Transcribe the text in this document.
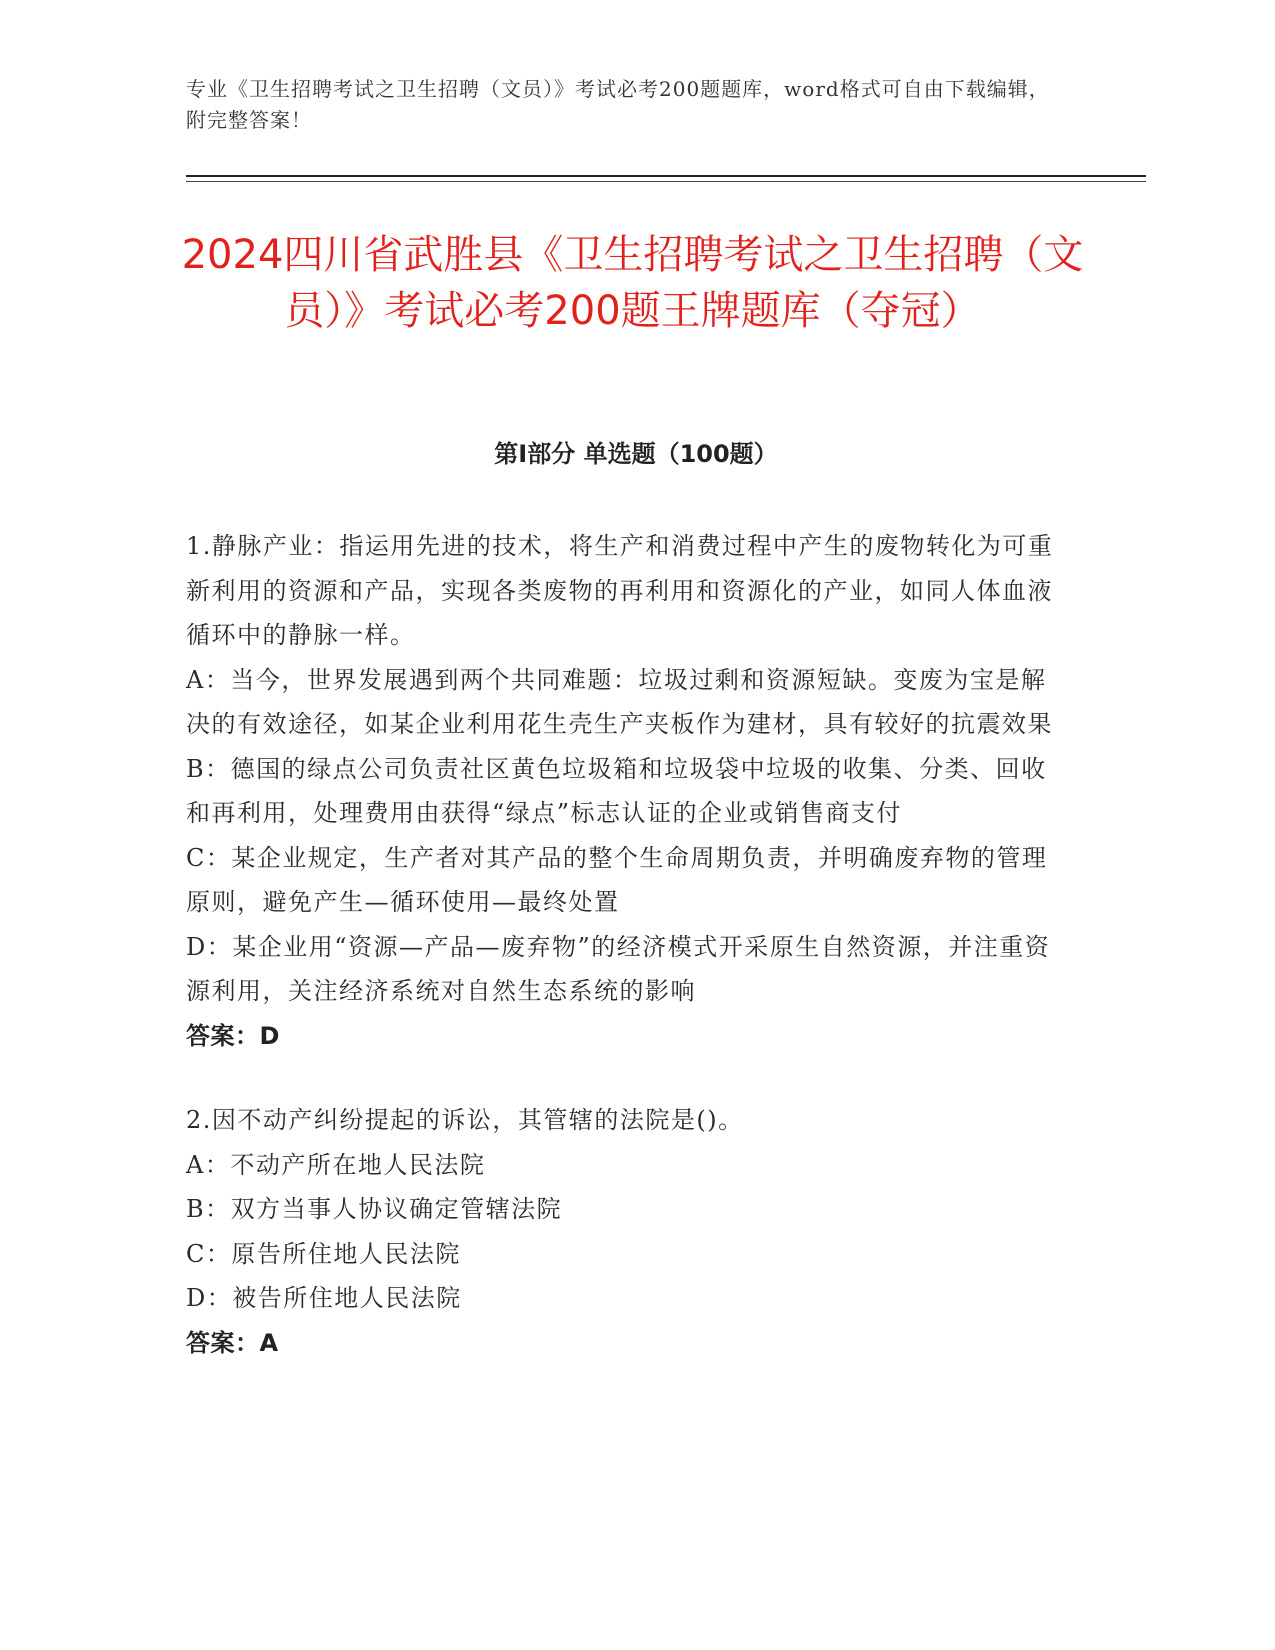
专业《卫生招聘考试之卫生招聘（文员）》考试必考200题题库，word格式可自由下载编辑，附完整答案！
2024四川省武胜县《卫生招聘考试之卫生招聘（文员）》考试必考200题王牌题库（夺冠）
第Ⅰ部分 单选题（100题）

1.静脉产业：指运用先进的技术，将生产和消费过程中产生的废物转化为可重新利用的资源和产品，实现各类废物的再利用和资源化的产业，如同人体血液循环中的静脉一样。

A：当今，世界发展遇到两个共同难题：垃圾过剩和资源短缺。变废为宝是解决的有效途径，如某企业利用花生壳生产夹板作为建材，具有较好的抗震效果

B：德国的绿点公司负责社区黄色垃圾箱和垃圾袋中垃圾的收集、分类、回收和再利用，处理费用由获得“绿点”标志认证的企业或销售商支付

C：某企业规定，生产者对其产品的整个生命周期负责，并明确废弃物的管理原则，避免产生—循环使用—最终处置

D：某企业用“资源—产品—废弃物”的经济模式开采原生自然资源，并注重资源利用，关注经济系统对自然生态系统的影响

答案：D

2.因不动产纠纷提起的诉讼，其管辖的法院是()。

A：不动产所在地人民法院

B：双方当事人协议确定管辖法院

C：原告所住地人民法院

D：被告所住地人民法院

答案：A
